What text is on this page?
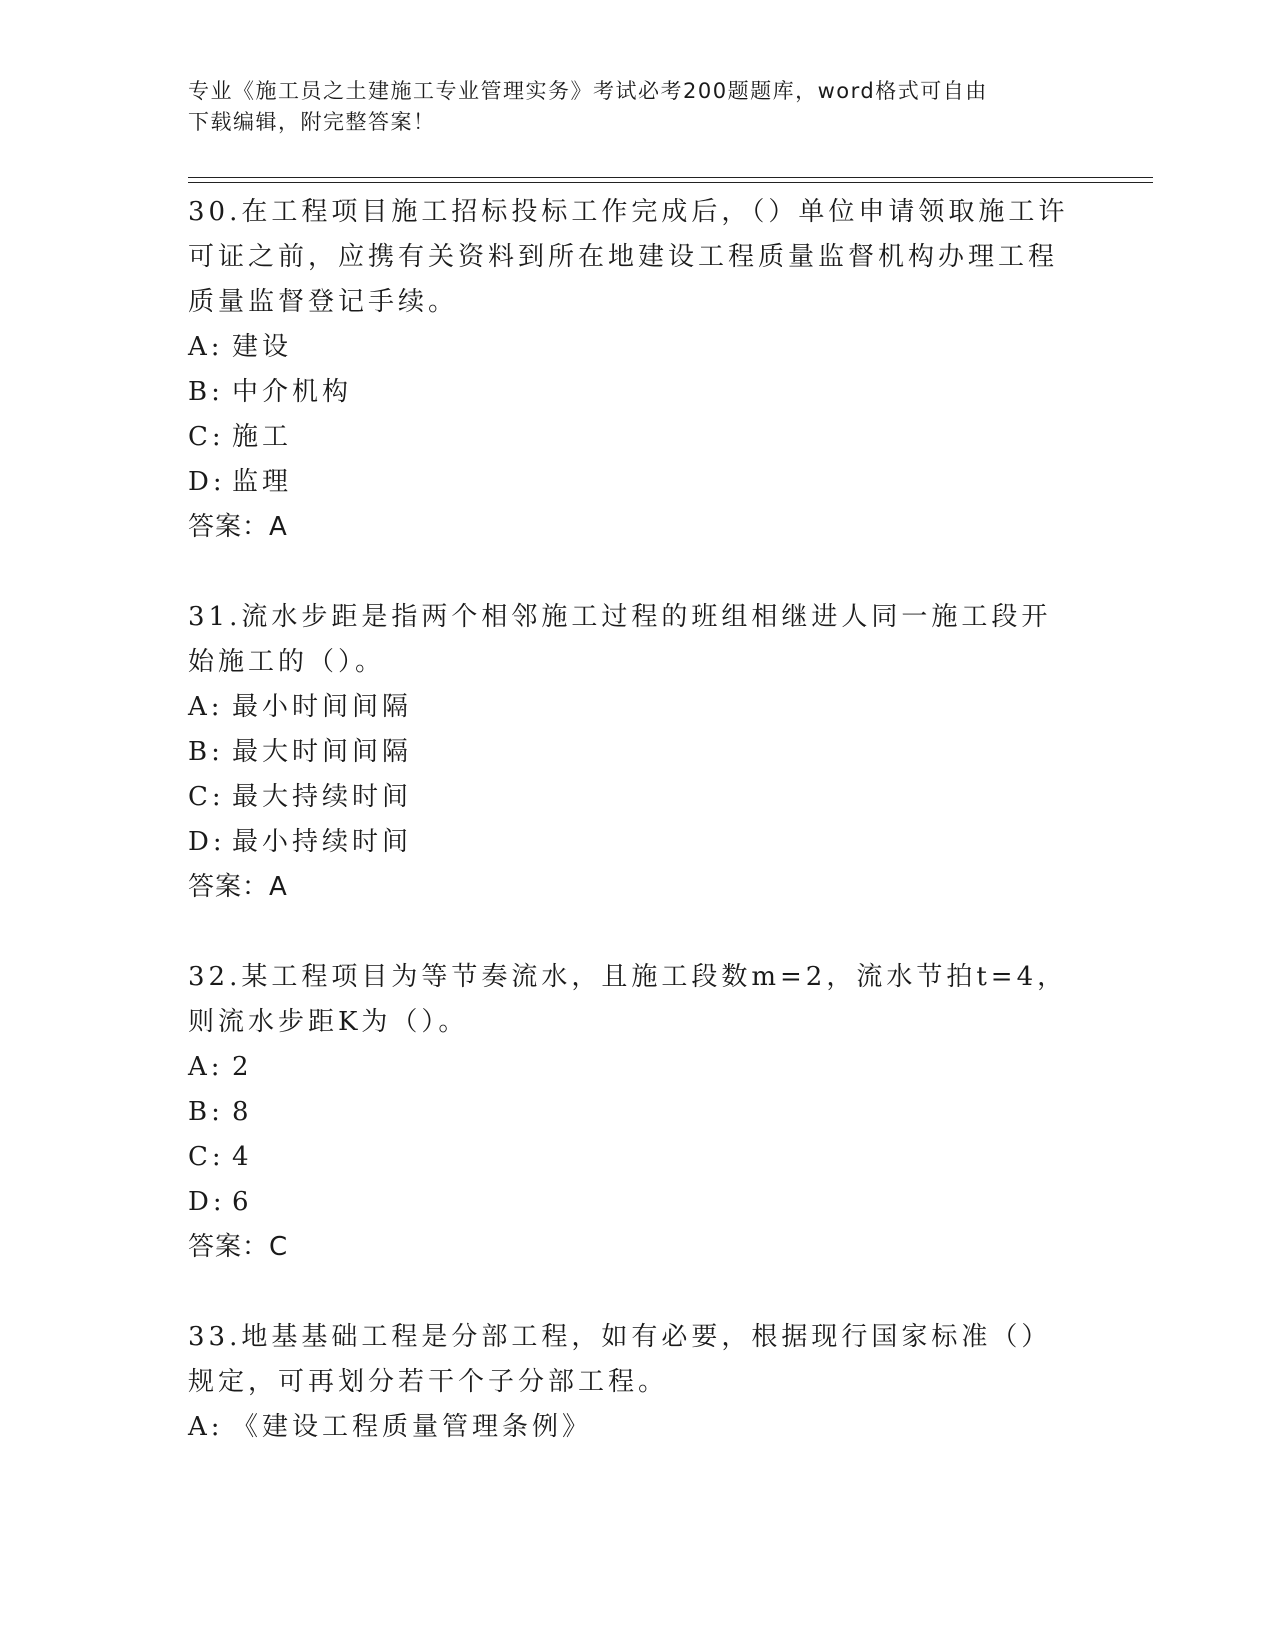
专业《施工员之土建施工专业管理实务》考试必考200题题库，word格式可自由
下载编辑，附完整答案！
30.在工程项目施工招标投标工作完成后，（）单位申请领取施工许可证之前，应携有关资料到所在地建设工程质量监督机构办理工程质量监督登记手续。
A: 建设
B: 中介机构
C: 施工
D: 监理
答案：A
31.流水步距是指两个相邻施工过程的班组相继进人同一施工段开始施工的（）。
A: 最小时间间隔
B: 最大时间间隔
C: 最大持续时间
D: 最小持续时间
答案：A
32.某工程项目为等节奏流水，且施工段数m=2，流水节拍t=4，则流水步距K为（）。
A: 2
B: 8
C: 4
D: 6
答案：C
33.地基基础工程是分部工程，如有必要，根据现行国家标准（）规定，可再划分若干个子分部工程。
A: 《建设工程质量管理条例》
